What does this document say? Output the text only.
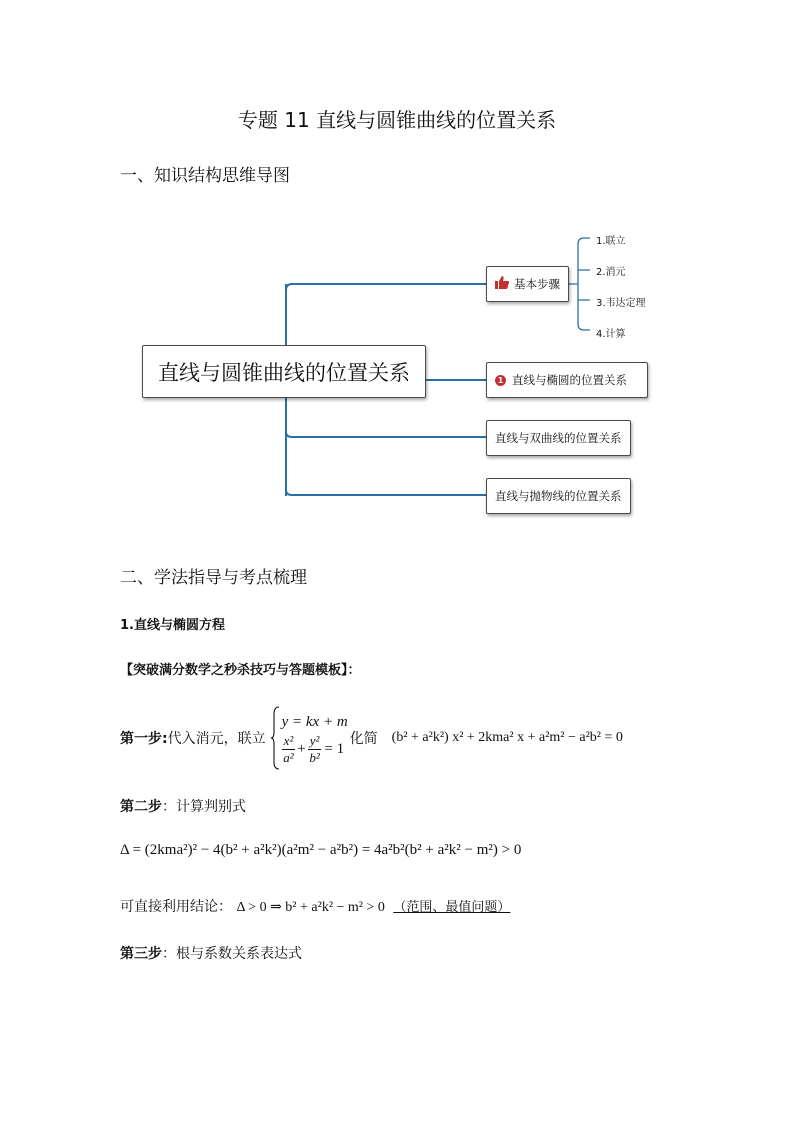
专题 11 直线与圆锥曲线的位置关系
一、知识结构思维导图
直线与圆锥曲线的位置关系
基本步骤
1.联立
2.消元
3.韦达定理
4.计算
1 直线与椭圆的位置关系
直线与双曲线的位置关系
直线与抛物线的位置关系
二、学法指导与考点梳理
1.直线与椭圆方程
【突破满分数学之秒杀技巧与答题模板】：
第一步: 代入消元，联立
y = kx + m
$\frac{\text{x²}}{\text{a²}} + \frac{\text{y²}}{\text{b²}} = 1$
化简 (b² + a²k²) x² + 2kma² x + a²m² − a²b² = 0
第二步：计算判别式
Δ = (2kma²)² − 4(b² + a²k²)(a²m² − a²b²) = 4a²b²(b² + a²k² − m²) > 0
可直接利用结论： Δ > 0 ⇒ b² + a²k² − m² > 0 （范围、最值问题）
第三步：根与系数关系表达式
